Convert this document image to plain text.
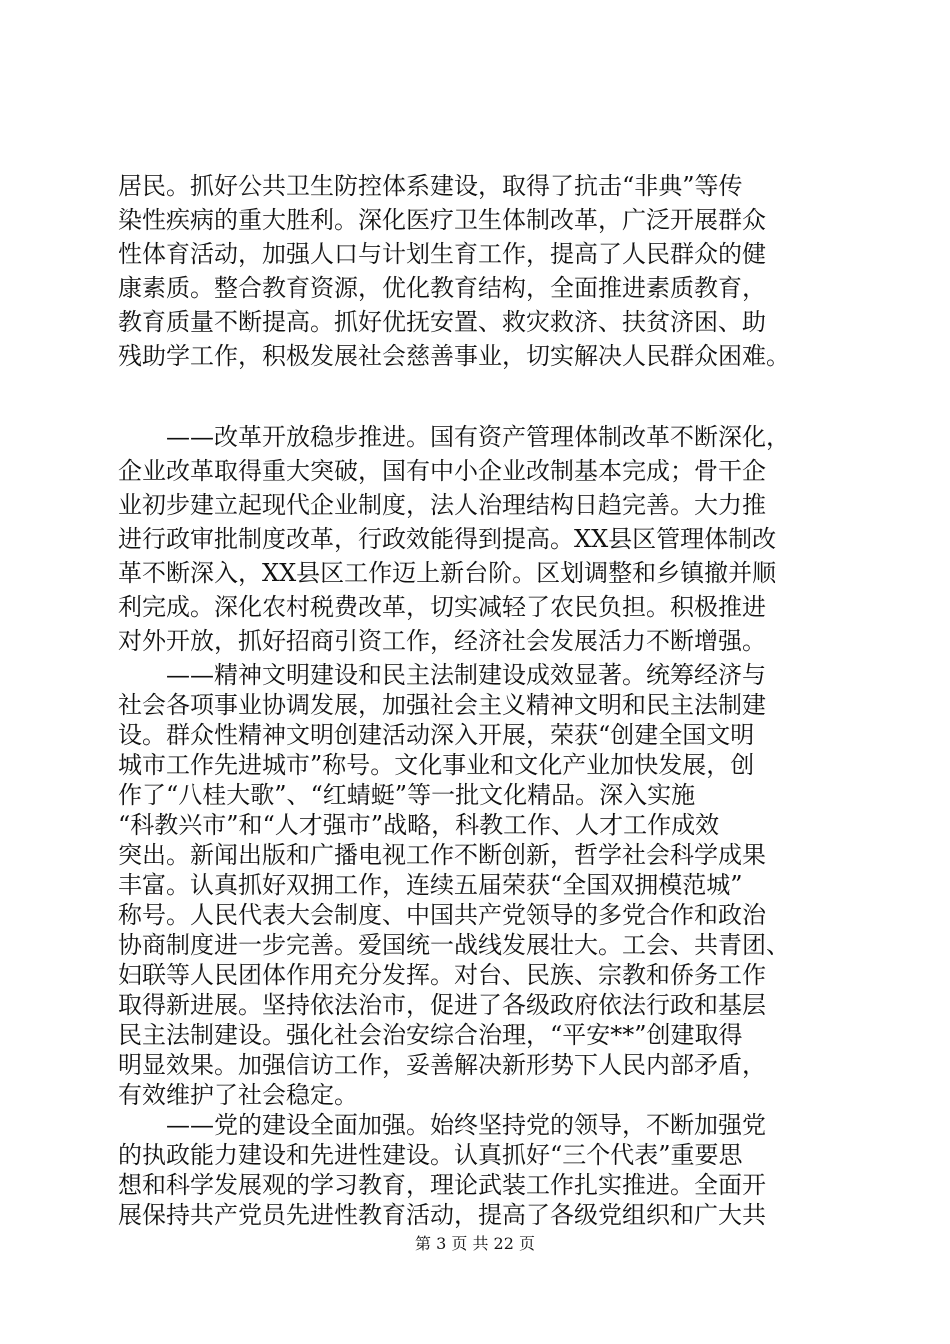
居民。抓好公共卫生防控体系建设，取得了抗击“非典”等传
染性疾病的重大胜利。深化医疗卫生体制改革，广泛开展群众
性体育活动，加强人口与计划生育工作，提高了人民群众的健
康素质。整合教育资源，优化教育结构，全面推进素质教育，
教育质量不断提高。抓好优抚安置、救灾救济、扶贫济困、助
残助学工作，积极发展社会慈善事业，切实解决人民群众困难。
——改革开放稳步推进。国有资产管理体制改革不断深化，
企业改革取得重大突破，国有中小企业改制基本完成；骨干企
业初步建立起现代企业制度，法人治理结构日趋完善。大力推
进行政审批制度改革，行政效能得到提高。XX县区管理体制改
革不断深入，XX县区工作迈上新台阶。区划调整和乡镇撤并顺
利完成。深化农村税费改革，切实减轻了农民负担。积极推进
对外开放，抓好招商引资工作，经济社会发展活力不断增强。
——精神文明建设和民主法制建设成效显著。统筹经济与
社会各项事业协调发展，加强社会主义精神文明和民主法制建
设。群众性精神文明创建活动深入开展，荣获“创建全国文明
城市工作先进城市”称号。文化事业和文化产业加快发展，创
作了“八桂大歌”、“红蜻蜓”等一批文化精品。深入实施
“科教兴市”和“人才强市”战略，科教工作、人才工作成效
突出。新闻出版和广播电视工作不断创新，哲学社会科学成果
丰富。认真抓好双拥工作，连续五届荣获“全国双拥模范城”
称号。人民代表大会制度、中国共产党领导的多党合作和政治
协商制度进一步完善。爱国统一战线发展壮大。工会、共青团、
妇联等人民团体作用充分发挥。对台、民族、宗教和侨务工作
取得新进展。坚持依法治市，促进了各级政府依法行政和基层
民主法制建设。强化社会治安综合治理，“平安**”创建取得
明显效果。加强信访工作，妥善解决新形势下人民内部矛盾，
有效维护了社会稳定。
——党的建设全面加强。始终坚持党的领导，不断加强党
的执政能力建设和先进性建设。认真抓好“三个代表”重要思
想和科学发展观的学习教育，理论武装工作扎实推进。全面开
展保持共产党员先进性教育活动，提高了各级党组织和广大共
第 3 页 共 22 页
